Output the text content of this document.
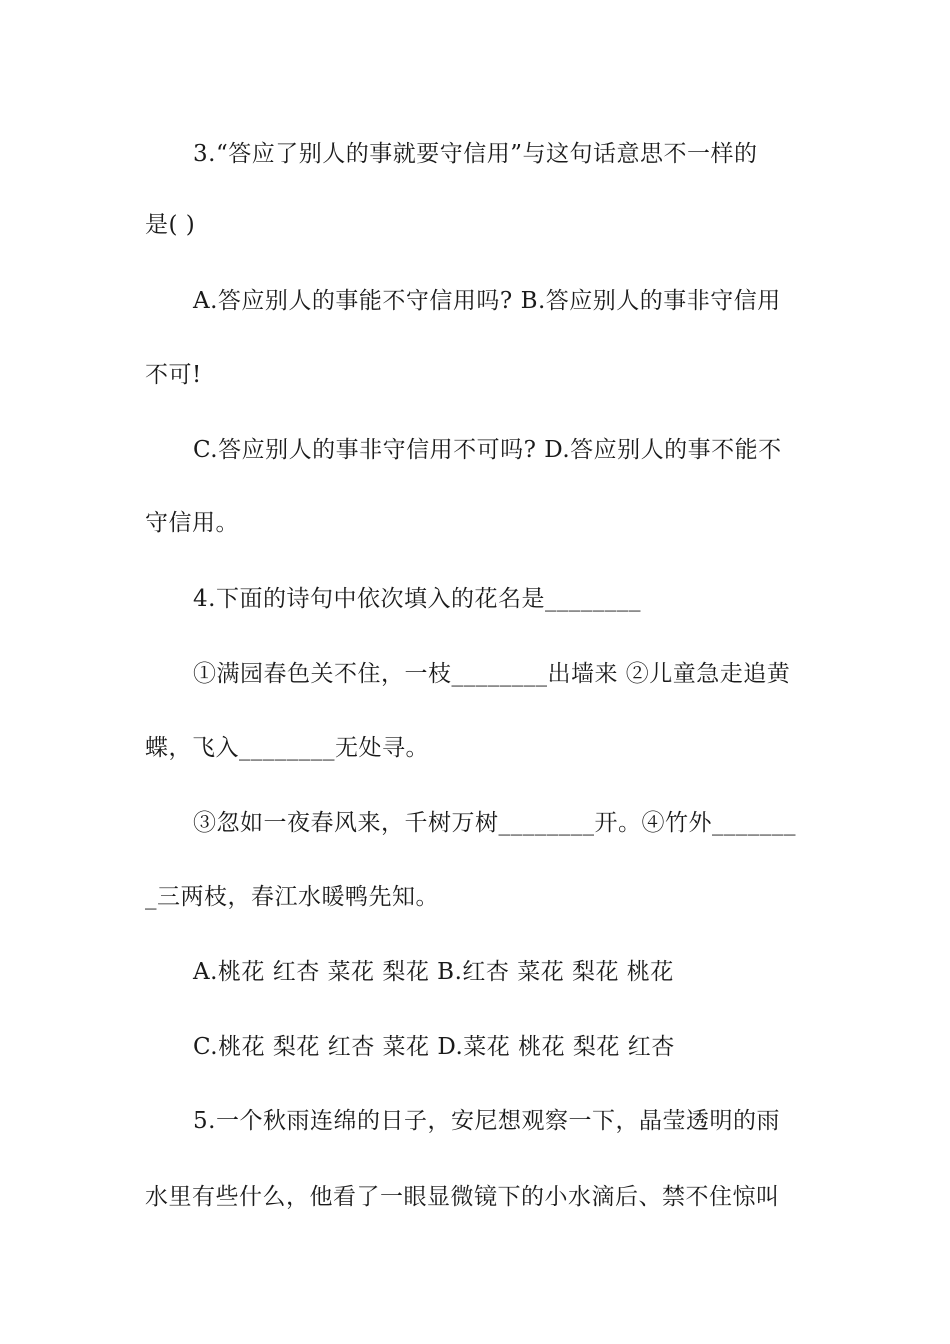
3.“答应了别人的事就要守信用”与这句话意思不一样的
是( )
A.答应别人的事能不守信用吗? B.答应别人的事非守信用
不可!
C.答应别人的事非守信用不可吗? D.答应别人的事不能不
守信用。
4.下面的诗句中依次填入的花名是________
①满园春色关不住，一枝________出墙来 ②儿童急走追黄
蝶，飞入________无处寻。
③忽如一夜春风来，千树万树________开。④竹外_______
_三两枝，春江水暖鸭先知。
A.桃花 红杏 菜花 梨花 B.红杏 菜花 梨花 桃花
C.桃花 梨花 红杏 菜花 D.菜花 桃花 梨花 红杏
5.一个秋雨连绵的日子，安尼想观察一下，晶莹透明的雨
水里有些什么，他看了一眼显微镜下的小水滴后、禁不住惊叫
